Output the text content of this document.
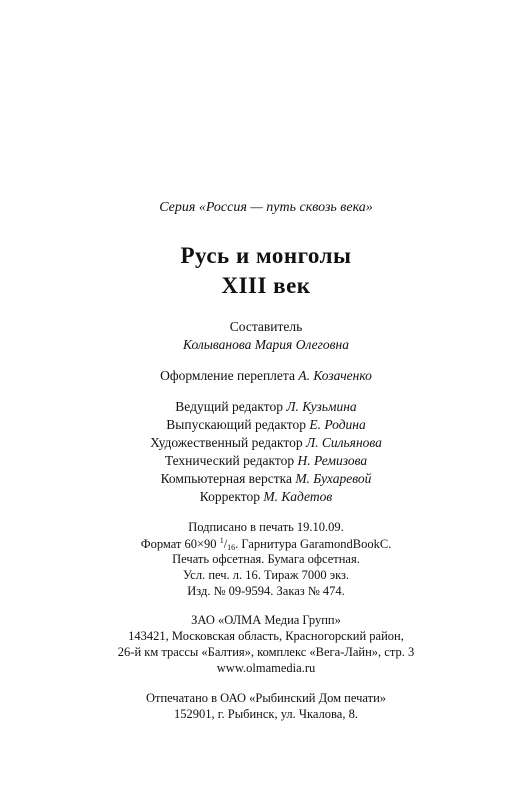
Серия «Россия — путь сквозь века»
Русь и монголы
XIII век
Составитель
Колыванова Мария Олеговна
Оформление переплета А. Козаченко
Ведущий редактор Л. Кузьмина
Выпускающий редактор Е. Родина
Художественный редактор Л. Сильянова
Технический редактор Н. Ремизова
Компьютерная верстка М. Бухаревой
Корректор М. Кадетов
Подписано в печать 19.10.09.
Формат 60×90 $^1/_{16}$. Гарнитура GaramondBookC.
Печать офсетная. Бумага офсетная.
Усл. печ. л. 16. Тираж 7000 экз.
Изд. № 09-9594. Заказ № 474.
ЗАО «ОЛМА Медиа Групп»
143421, Московская область, Красногорский район,
26-й км трассы «Балтия», комплекс «Вега-Лайн», стр. 3
www.olmamedia.ru
Отпечатано в ОАО «Рыбинский Дом печати»
152901, г. Рыбинск, ул. Чкалова, 8.
